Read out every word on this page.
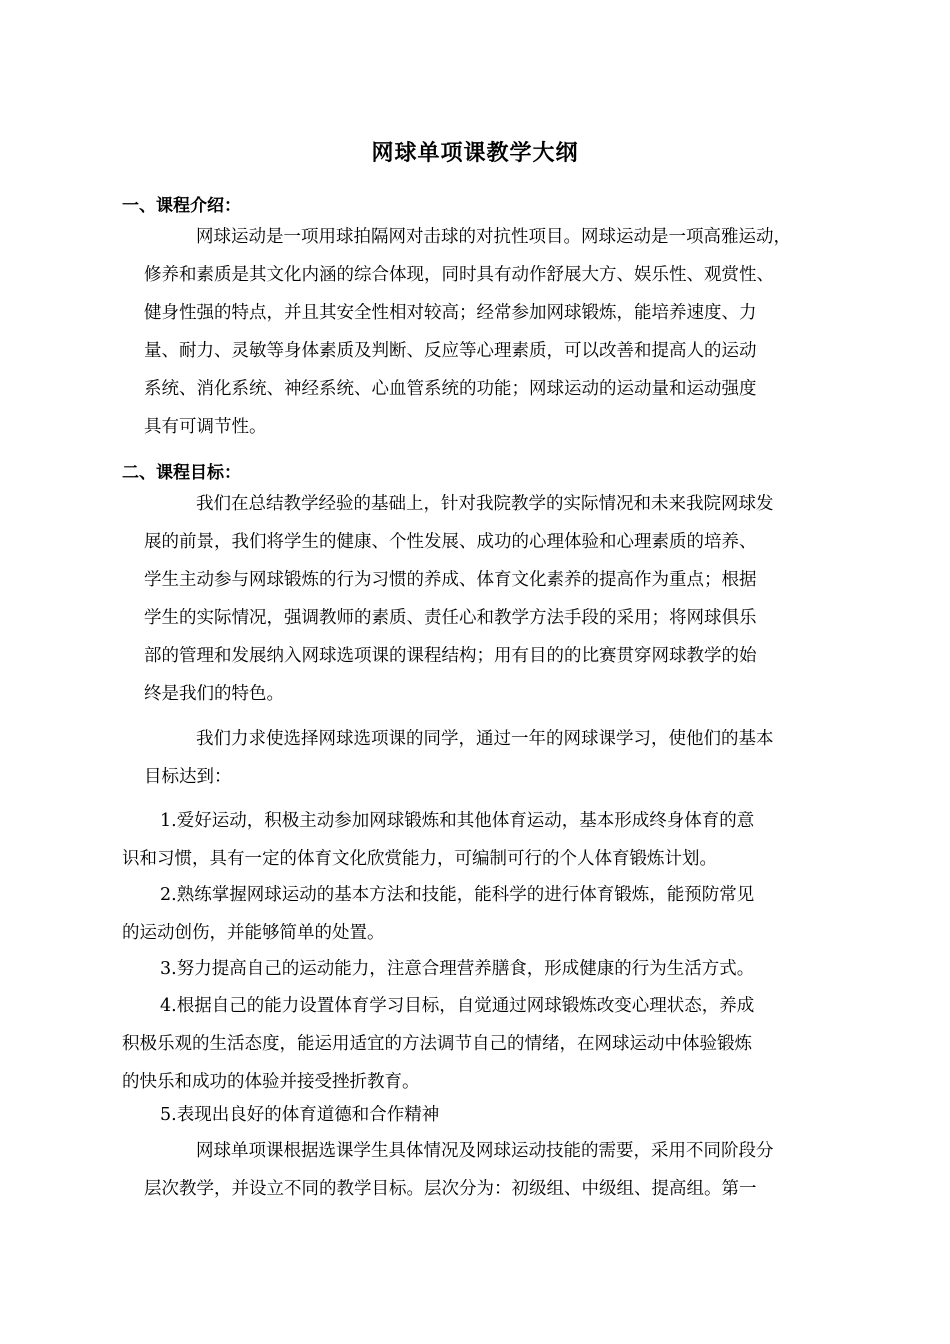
网球单项课教学大纲
一、课程介绍：
网球运动是一项用球拍隔网对击球的对抗性项目。网球运动是一项高雅运动，
修养和素质是其文化内涵的综合体现，同时具有动作舒展大方、娱乐性、观赏性、
健身性强的特点，并且其安全性相对较高；经常参加网球锻炼，能培养速度、力
量、耐力、灵敏等身体素质及判断、反应等心理素质，可以改善和提高人的运动
系统、消化系统、神经系统、心血管系统的功能；网球运动的运动量和运动强度
具有可调节性。
二、课程目标：
我们在总结教学经验的基础上，针对我院教学的实际情况和未来我院网球发
展的前景，我们将学生的健康、个性发展、成功的心理体验和心理素质的培养、
学生主动参与网球锻炼的行为习惯的养成、体育文化素养的提高作为重点；根据
学生的实际情况，强调教师的素质、责任心和教学方法手段的采用；将网球俱乐
部的管理和发展纳入网球选项课的课程结构；用有目的的比赛贯穿网球教学的始
终是我们的特色。
我们力求使选择网球选项课的同学，通过一年的网球课学习，使他们的基本
目标达到：
1.爱好运动，积极主动参加网球锻炼和其他体育运动，基本形成终身体育的意
识和习惯，具有一定的体育文化欣赏能力，可编制可行的个人体育锻炼计划。
2.熟练掌握网球运动的基本方法和技能，能科学的进行体育锻炼，能预防常见
的运动创伤，并能够简单的处置。
3.努力提高自己的运动能力，注意合理营养膳食，形成健康的行为生活方式。
4.根据自己的能力设置体育学习目标，自觉通过网球锻炼改变心理状态，养成
积极乐观的生活态度，能运用适宜的方法调节自己的情绪，在网球运动中体验锻炼
的快乐和成功的体验并接受挫折教育。
5.表现出良好的体育道德和合作精神
网球单项课根据选课学生具体情况及网球运动技能的需要，采用不同阶段分
层次教学，并设立不同的教学目标。层次分为：初级组、中级组、提高组。第一
